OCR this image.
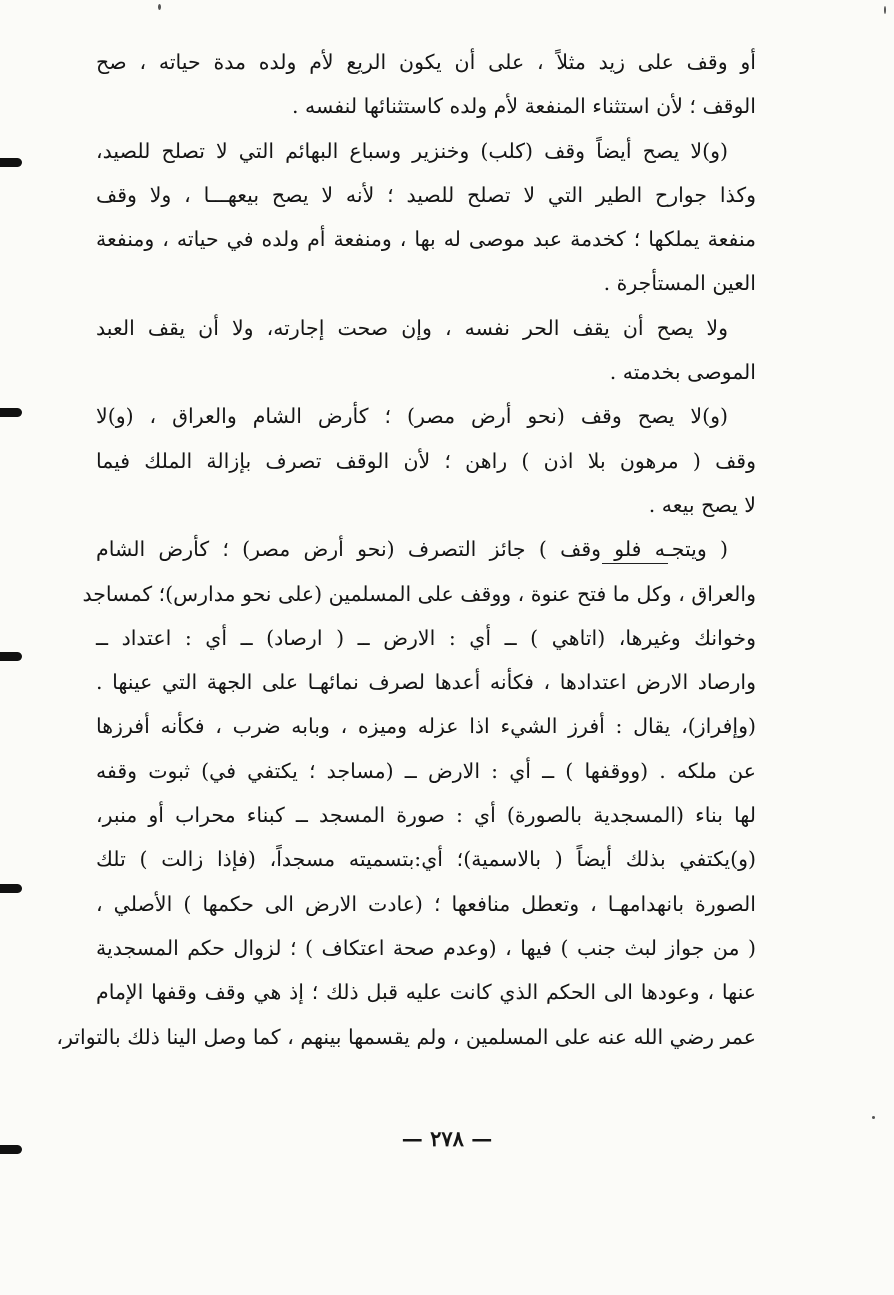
أو وقف على زيد مثلاً ، على أن يكون الريع لأم ولده مدة حياته ، صح
الوقف ؛ لأن استثناء المنفعة لأم ولده كاستثنائها لنفسه .
(و)لا يصح أيضاً وقف (كلب) وخنزير وسباع البهائم التي لا تصلح للصيد،
وكذا جوارح الطير التي لا تصلح للصيد ؛ لأنه لا يصح بيعهـــا ، ولا وقف
منفعة يملكها ؛ كخدمة عبد موصى له بها ، ومنفعة أم ولده في حياته ، ومنفعة
العين المستأجرة .
ولا يصح أن يقف الحر نفسه ، وإن صحت إجارته، ولا أن يقف العبد
الموصى بخدمته .
(و)لا يصح وقف (نحو أرض مصر) ؛ كأرض الشام والعراق ، (و)لا
وقف ( مرهون بلا اذن ) راهن ؛ لأن الوقف تصرف بإزالة الملك فيما
لا يصح بيعه .
( ويتجـه فلو وقف ) جائز التصرف (نحو أرض مصر) ؛ كأرض الشام
والعراق ، وكل ما فتح عنوة ، ووقف على المسلمين (على نحو مدارس)؛ كمساجد
وخوانك وغيرها، (اتاهي ) ــ أي : الارض ــ ( ارصاد) ــ أي : اعتداد ــ
وارصاد الارض اعتدادها ، فكأنه أعدها لصرف نمائهـا على الجهة التي عينها .
(وإفراز)، يقال : أفرز الشيء اذا عزله وميزه ، وبابه ضرب ، فكأنه أفرزها
عن ملكه . (ووقفها ) ــ أي : الارض ــ (مساجد ؛ يكتفي في) ثبوت وقفه
لها بناء (المسجدية بالصورة) أي : صورة المسجد ــ كبناء محراب أو منبر،
(و)يكتفي بذلك أيضاً ( بالاسمية)؛ أي:بتسميته مسجداً، (فإذا زالت ) تلك
الصورة بانهدامهـا ، وتعطل منافعها ؛ (عادت الارض الى حكمها ) الأصلي ،
( من جواز لبث جنب ) فيها ، (وعدم صحة اعتكاف ) ؛ لزوال حكم المسجدية
عنها ، وعودها الى الحكم الذي كانت عليه قبل ذلك ؛ إذ هي وقف وقفها الإمام
عمر رضي الله عنه على المسلمين ، ولم يقسمها بينهم ، كما وصل الينا ذلك بالتواتر،
— ٢٧٨ —
